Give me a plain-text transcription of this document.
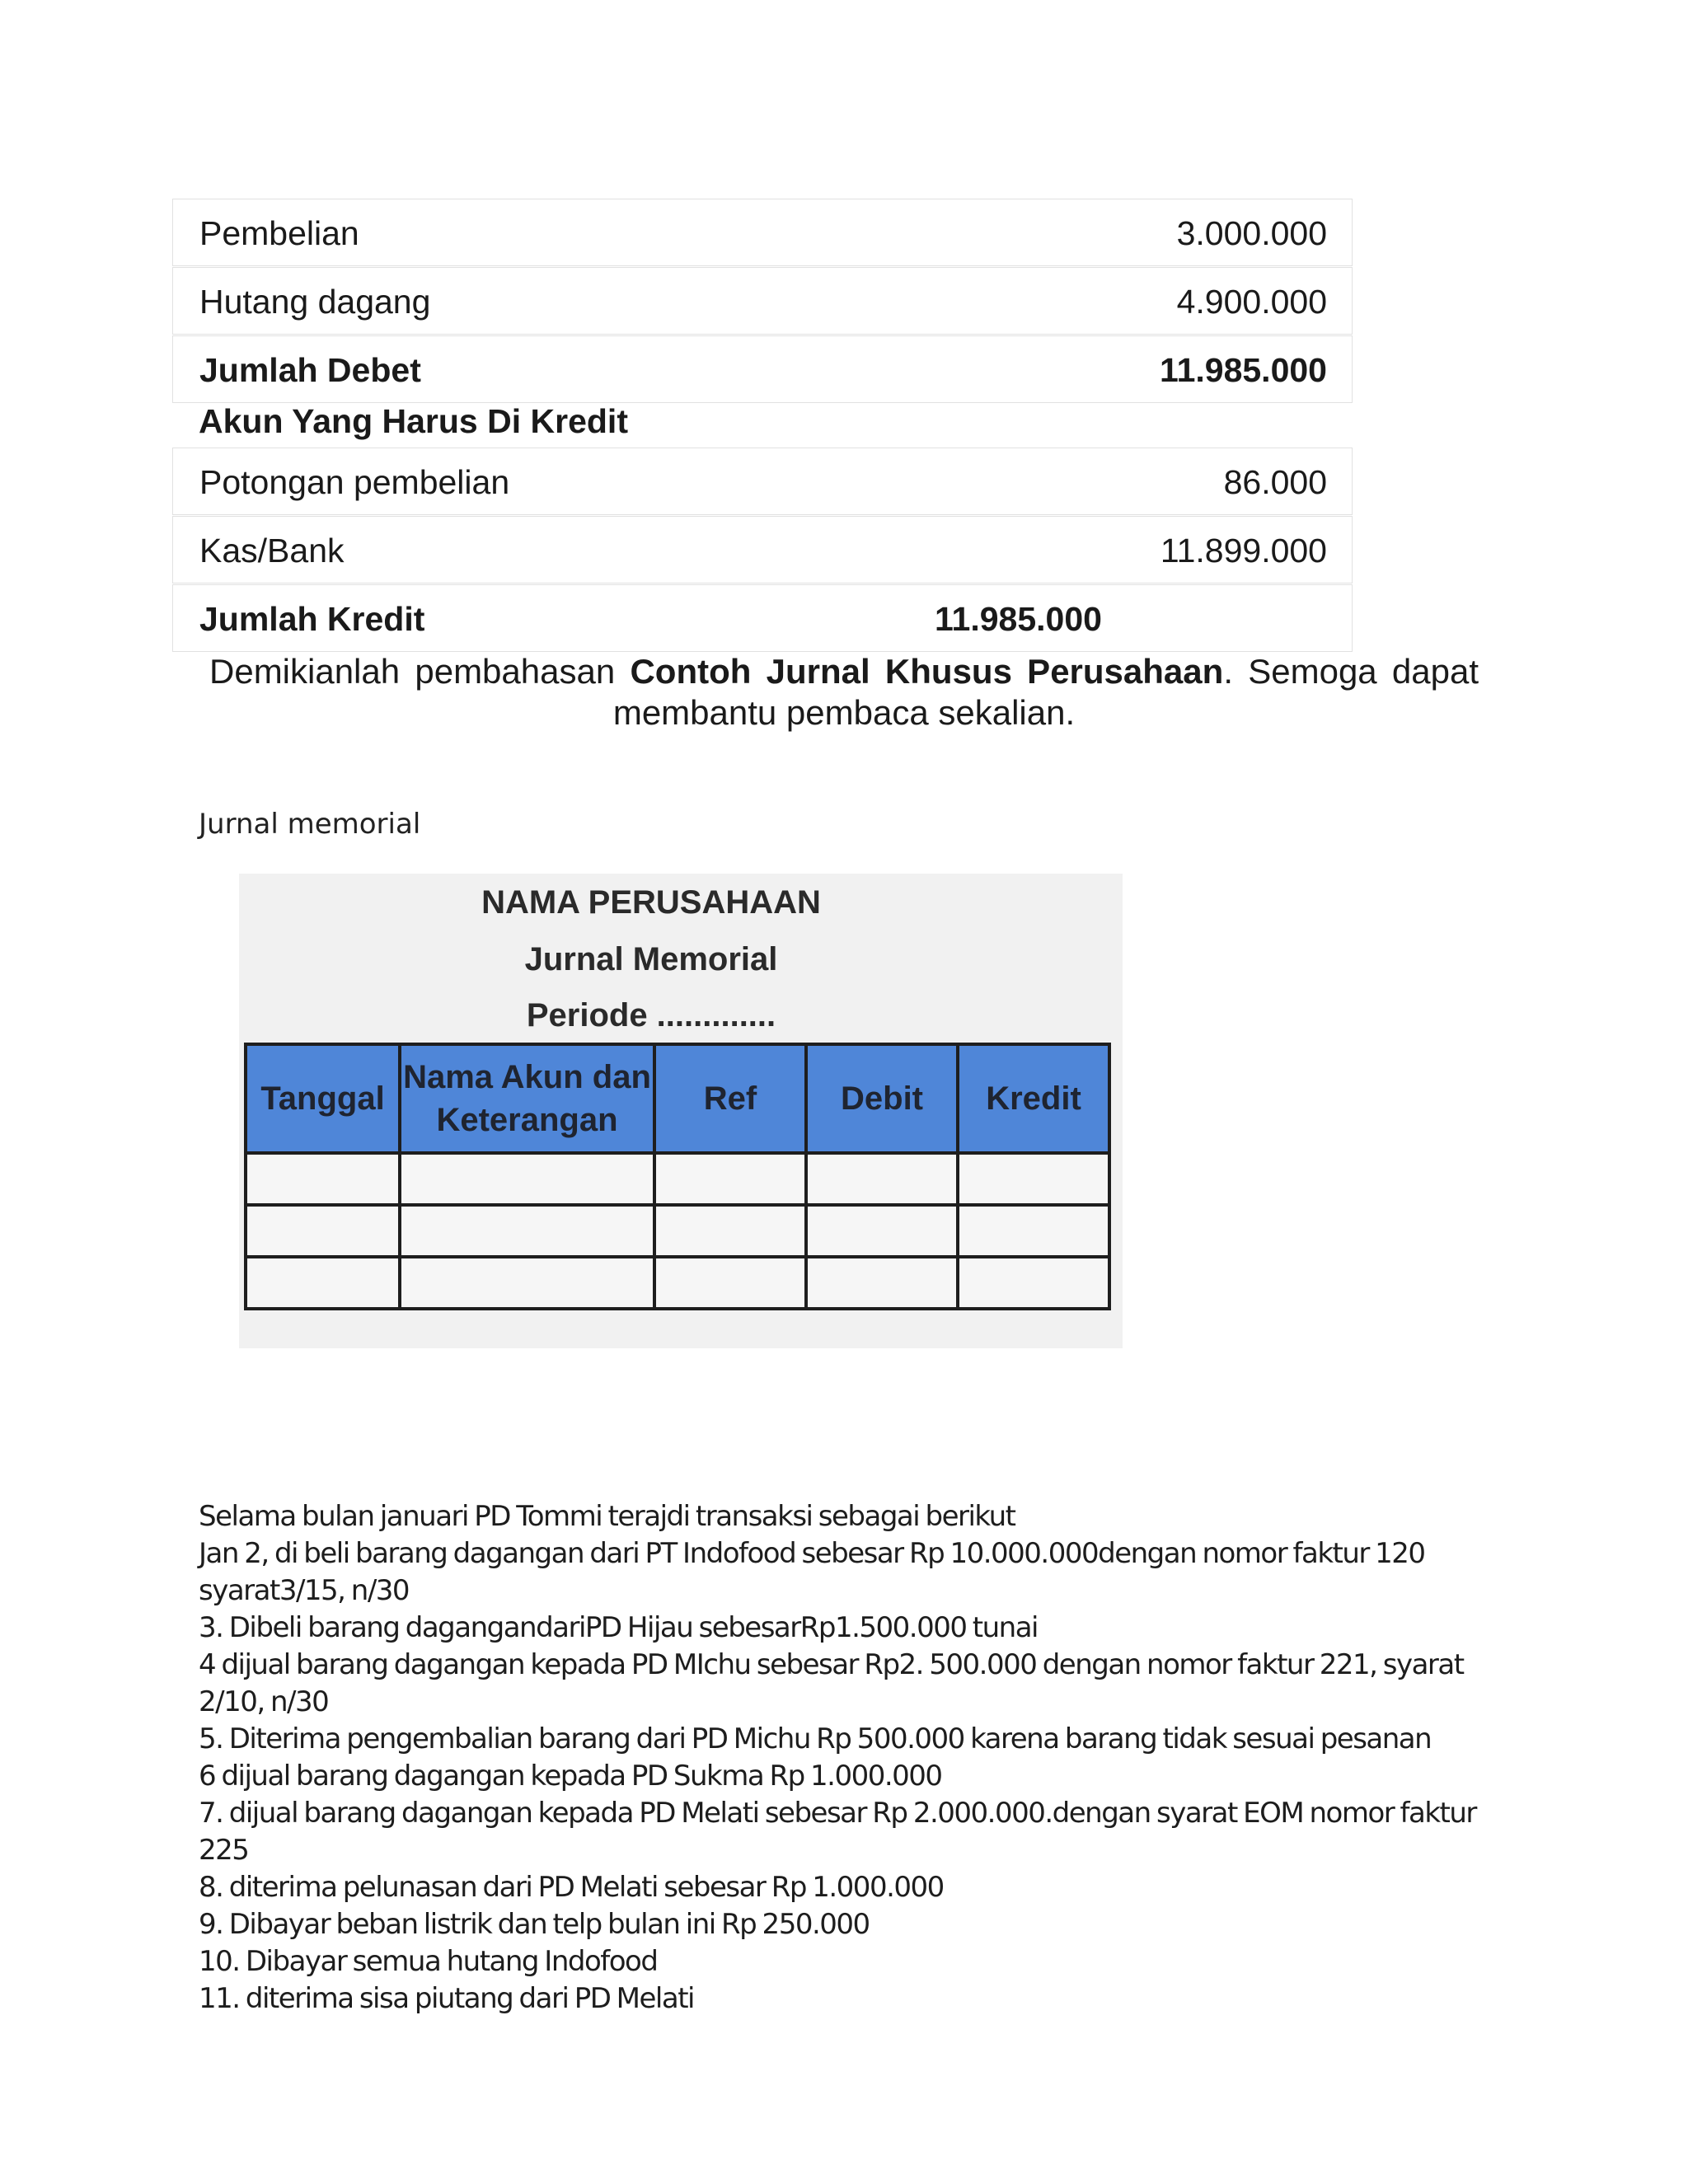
Pembelian	3.000.000
Hutang dagang	4.900.000
Jumlah Debet	11.985.000
Akun Yang Harus Di Kredit
Potongan pembelian	86.000
Kas/Bank	11.899.000
Jumlah Kredit	11.985.000
Demikianlah pembahasan Contoh Jurnal Khusus Perusahaan. Semoga dapat
membantu pembaca sekalian.
Jurnal memorial
NAMA PERUSAHAAN
Jurnal Memorial
Periode .............
Tanggal	Nama Akun dan Keterangan	Ref	Debit	Kredit

Selama bulan januari PD Tommi terajdi transaksi sebagai berikut

Jan 2, di beli barang dagangan dari PT Indofood sebesar Rp 10.000.000dengan nomor faktur 120

syarat3/15, n/30

3. Dibeli barang dagangandariPD Hijau sebesarRp1.500.000 tunai

4 dijual barang dagangan kepada PD MIchu sebesar Rp2. 500.000 dengan nomor faktur 221, syarat

2/10, n/30

5. Diterima pengembalian barang dari PD Michu Rp 500.000 karena barang tidak sesuai pesanan

6 dijual barang dagangan kepada PD Sukma Rp 1.000.000

7. dijual barang dagangan kepada PD Melati sebesar Rp 2.000.000.dengan syarat EOM nomor faktur 225

8. diterima pelunasan dari PD Melati sebesar Rp 1.000.000

9. Dibayar beban listrik dan telp bulan ini Rp 250.000

10. Dibayar semua hutang Indofood

11. diterima sisa piutang dari PD Melati
